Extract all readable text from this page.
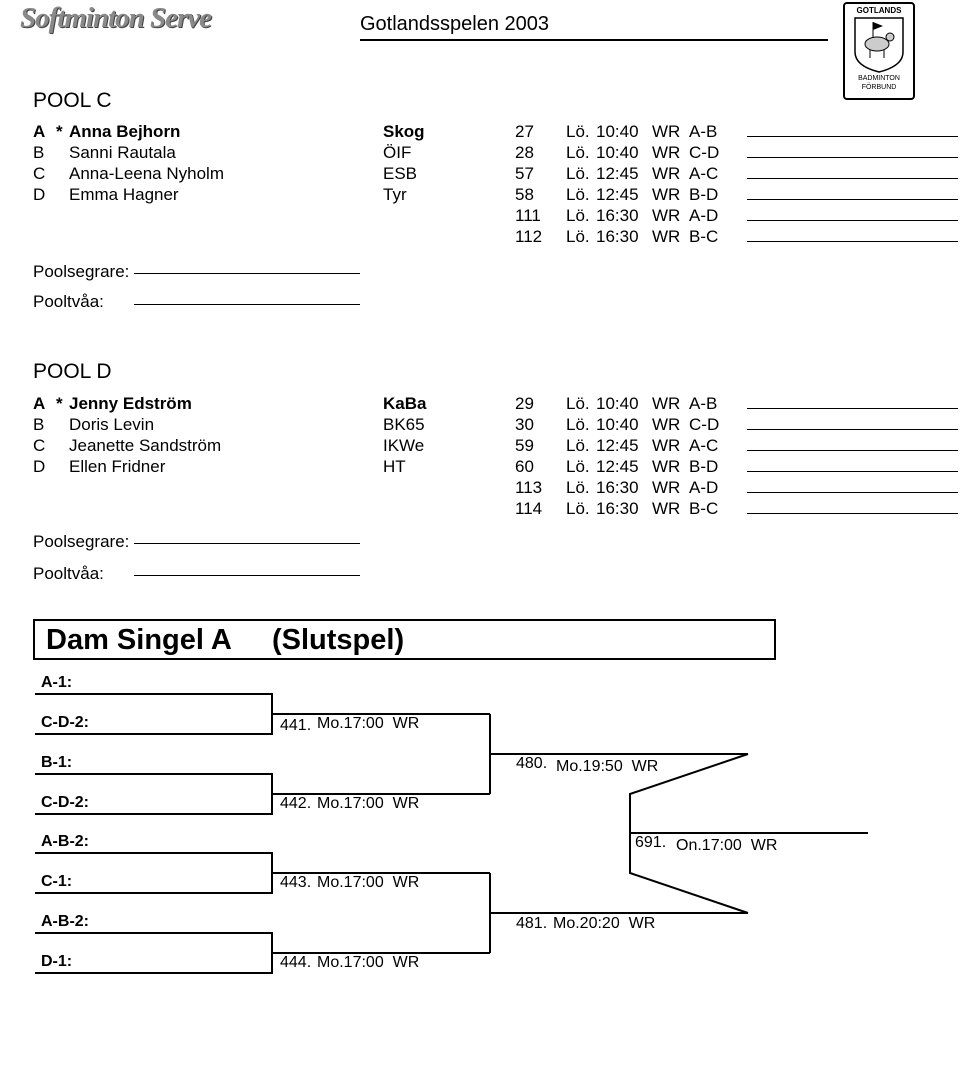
Softminton Serve	Gotlandsspelen 2003
GOTLANDS
BADMINTON
FÖRBUND
POOL C
A * Anna Bejhorn	Skog
B Sanni Rautala	ÖIF
C Anna-Leena Nyholm	ESB
D Emma Hagner	Tyr
27 Lö. 10:40 WR A-B
28 Lö. 10:40 WR C-D
57 Lö. 12:45 WR A-C
58 Lö. 12:45 WR B-D
111 Lö. 16:30 WR A-D
112 Lö. 16:30 WR B-C
Poolsegrare:
Pooltvåa:
POOL D
A * Jenny Edström	KaBa
B Doris Levin	BK65
C Jeanette Sandström	IKWe
D Ellen Fridner	HT
29 Lö. 10:40 WR A-B
30 Lö. 10:40 WR C-D
59 Lö. 12:45 WR A-C
60 Lö. 12:45 WR B-D
113 Lö. 16:30 WR A-D
114 Lö. 16:30 WR B-C
Poolsegrare:
Pooltvåa:
Dam Singel A (Slutspel)
A-1:
C-D-2:
B-1:
C-D-2:
A-B-2:
C-1:
A-B-2:
D-1:
441. Mo.17:00  WR
442. Mo.17:00  WR
443. Mo.17:00  WR
444. Mo.17:00  WR
480. Mo.19:50  WR
481. Mo.20:20  WR
691. On.17:00  WR
